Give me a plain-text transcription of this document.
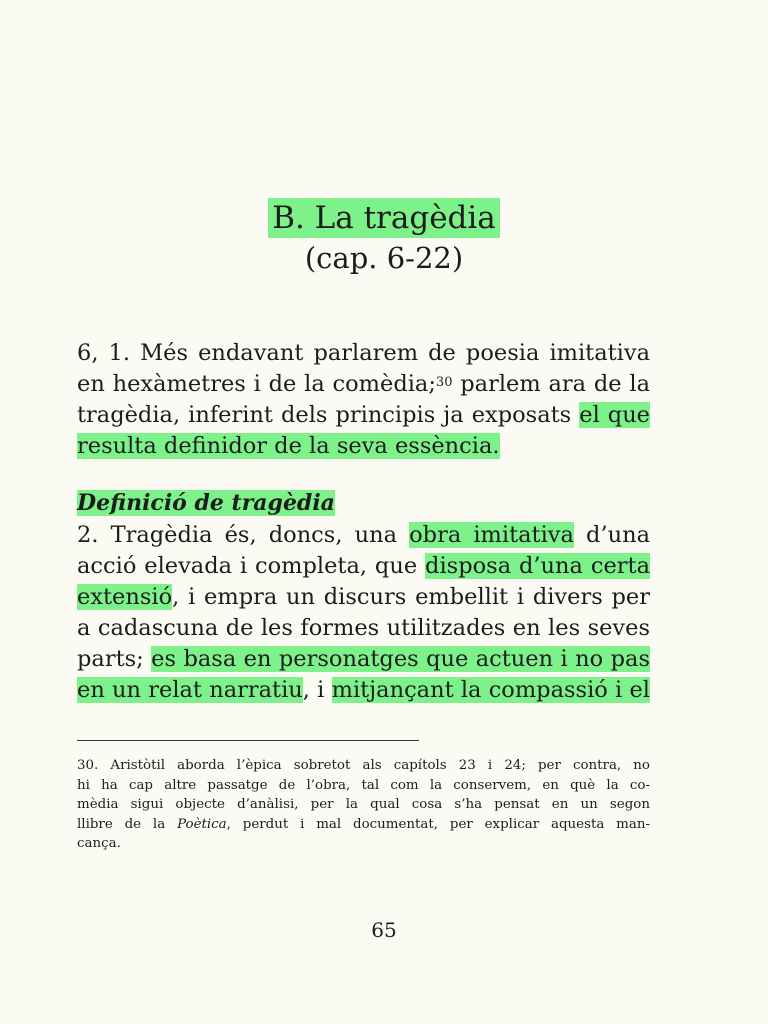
B. La tragèdia
(cap. 6-22)
6, 1. Més endavant parlarem de poesia imitativa
en hexàmetres i de la comèdia;$^{30}$ parlem ara de la
tragèdia, inferint dels principis ja exposats el que
resulta definidor de la seva essència.
Definició de tragèdia
2. Tragèdia és, doncs, una obra imitativa d’una
acció elevada i completa, que disposa d’una certa
extensió, i empra un discurs embellit i divers per
a cadascuna de les formes utilitzades en les seves
parts; es basa en personatges que actuen i no pas
en un relat narratiu, i mitjançant la compassió i el
30. Aristòtil aborda l’èpica sobretot als capítols 23 i 24; per contra, no
hi ha cap altre passatge de l’obra, tal com la conservem, en què la co-
mèdia sigui objecte d’anàlisi, per la qual cosa s’ha pensat en un segon
llibre de la Poètica, perdut i mal documentat, per explicar aquesta man-
cança.
65
